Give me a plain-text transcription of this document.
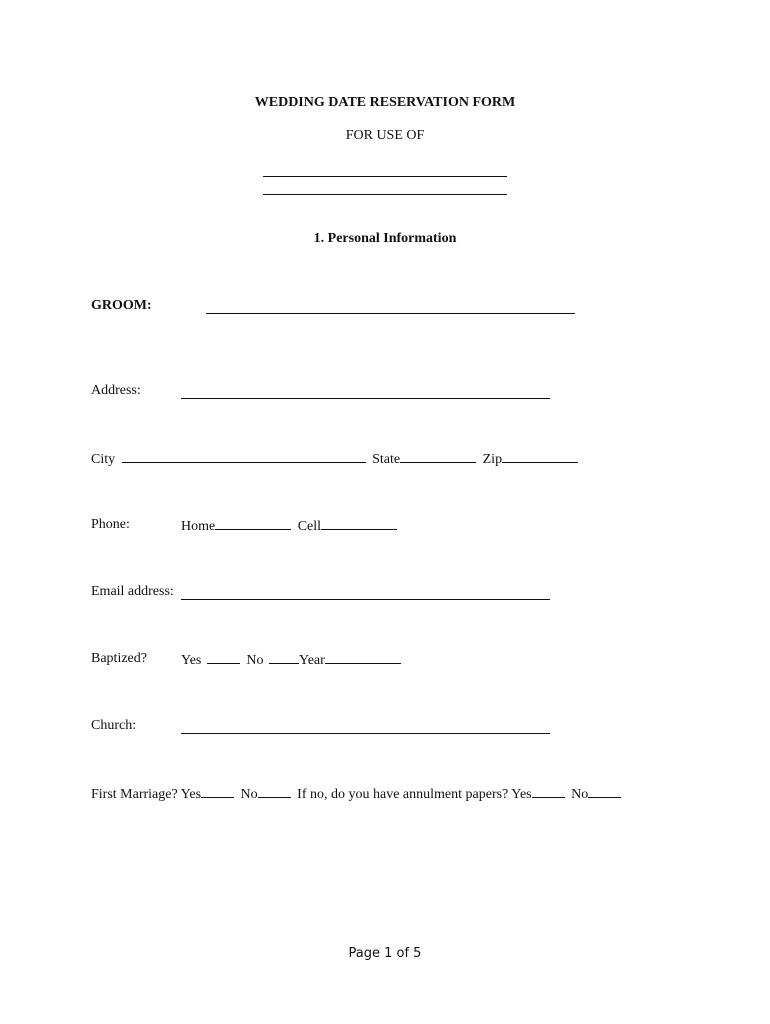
WEDDING DATE RESERVATION FORM
FOR USE OF
1. Personal Information
GROOM:
Address:
City	State	Zip
Phone:	Home	Cell
Email address:
Baptized? Yes	No	Year
Church:
First Marriage? Yes	No	If no, do you have annulment papers? Yes	No
Page 1 of 5
